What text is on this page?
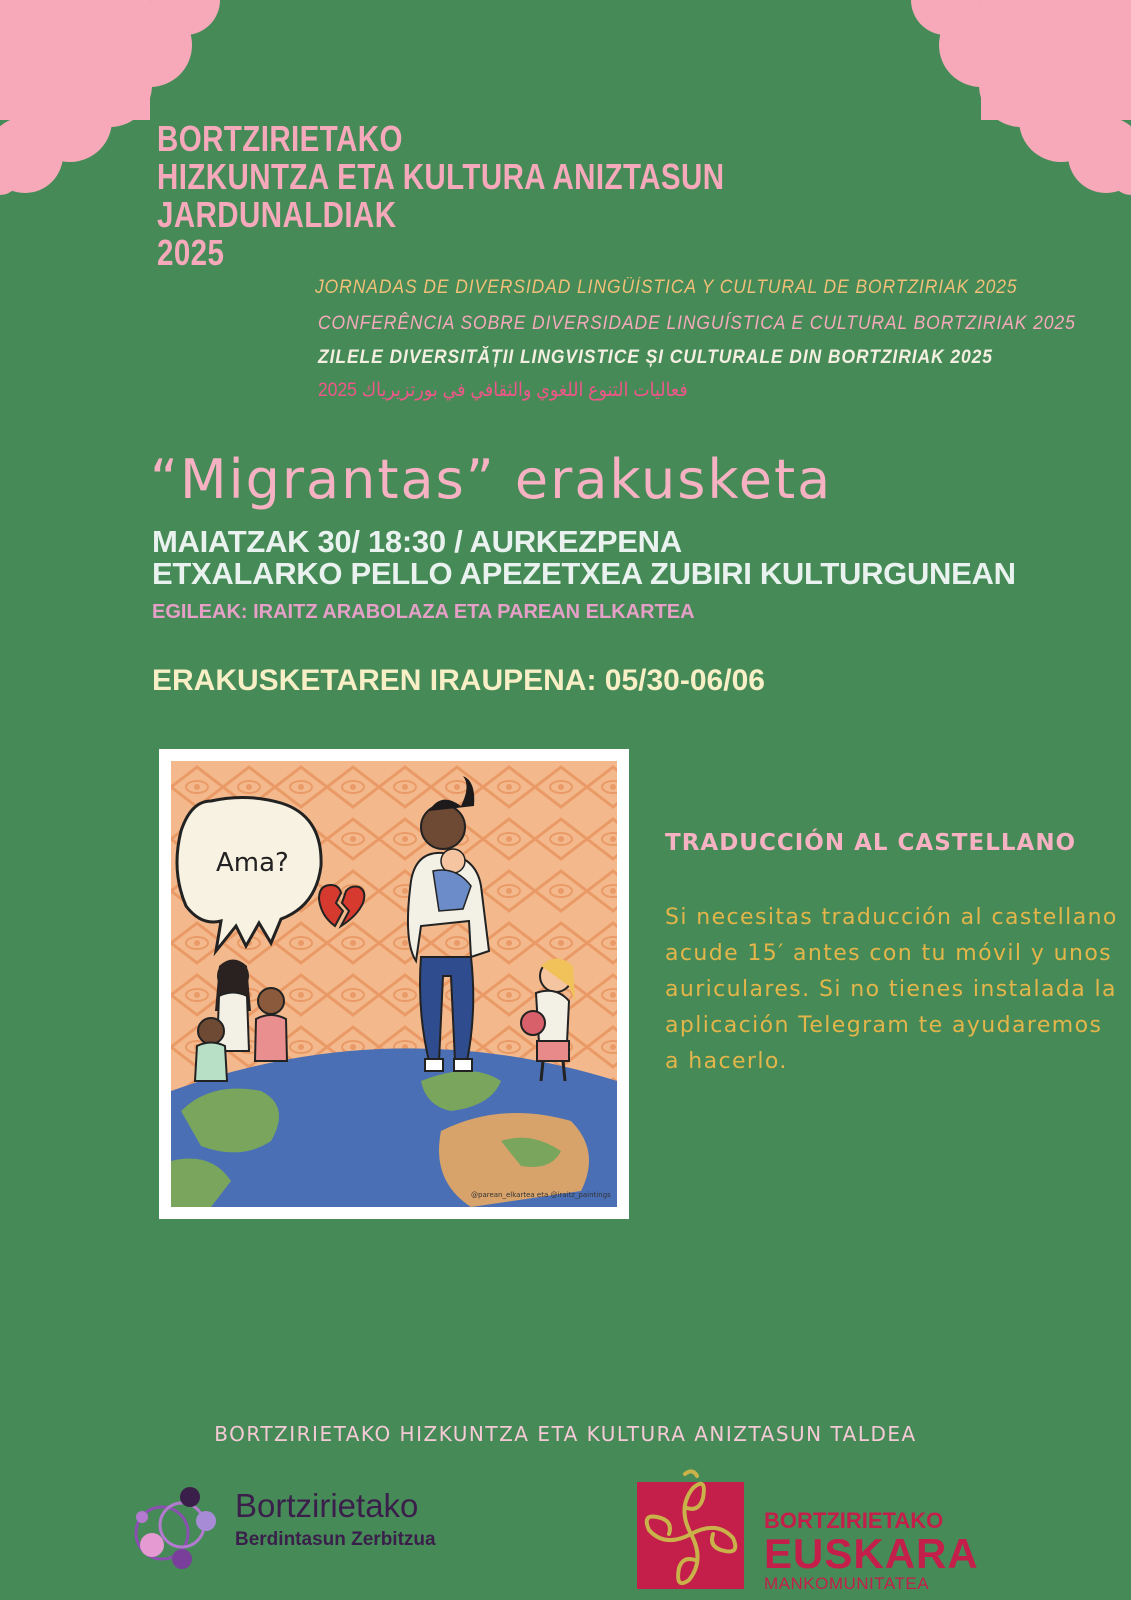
BORTZIRIETAKO
HIZKUNTZA ETA KULTURA ANIZTASUN
JARDUNALDIAK
2025
JORNADAS DE DIVERSIDAD LINGÜÍSTICA Y CULTURAL DE BORTZIRIAK 2025
CONFERÊNCIA SOBRE DIVERSIDADE LINGUÍSTICA E CULTURAL BORTZIRIAK 2025
ZILELE DIVERSITĂȚII LINGVISTICE ȘI CULTURALE DIN BORTZIRIAK 2025
فعاليات التنوع اللغوي والثقافي في بورتزيرياك 2025
“Migrantas” erakusketa
MAIATZAK 30/ 18:30 / AURKEZPENA
ETXALARKO PELLO APEZETXEA ZUBIRI KULTURGUNEAN
EGILEAK: IRAITZ ARABOLAZA ETA PAREAN ELKARTEA
ERAKUSKETAREN IRAUPENA: 05/30-06/06
Ama?
@parean_elkartea eta @iraitz_paintings
TRADUCCIÓN AL CASTELLANO
Si necesitas traducción al castellano acude 15′ antes con tu móvil y unos auriculares. Si no tienes instalada la aplicación Telegram te ayudaremos a hacerlo.
BORTZIRIETAKO HIZKUNTZA ETA KULTURA ANIZTASUN TALDEA
Bortzirietako
Berdintasun Zerbitzua
BORTZIRIETAKO
EUSKARA
MANKOMUNITATEA
